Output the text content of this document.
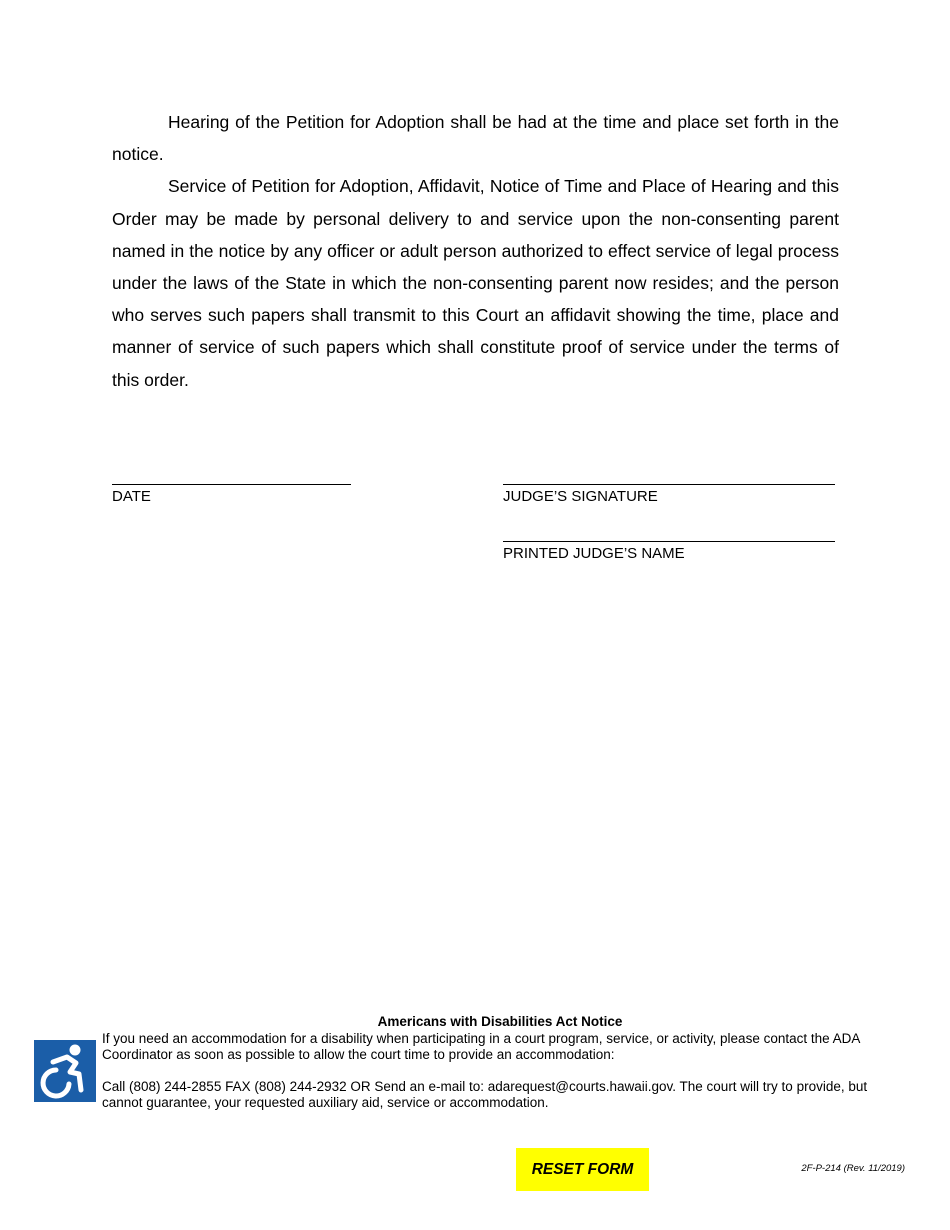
Hearing of the Petition for Adoption shall be had at the time and place set forth in the notice.

Service of Petition for Adoption, Affidavit, Notice of Time and Place of Hearing and this Order may be made by personal delivery to and service upon the non-consenting parent named in the notice by any officer or adult person authorized to effect service of legal process under the laws of the State in which the non-consenting parent now resides; and the person who serves such papers shall transmit to this Court an affidavit showing the time, place and manner of service of such papers which shall constitute proof of service under the terms of this order.

DATE	JUDGE’S SIGNATURE
PRINTED JUDGE’S NAME
Americans with Disabilities Act Notice

If you need an accommodation for a disability when participating in a court program, service, or activity, please contact the ADA Coordinator as soon as possible to allow the court time to provide an accommodation:

Call (808) 244-2855 FAX (808) 244-2932 OR Send an e-mail to: adarequest@courts.hawaii.gov. The court will try to provide, but cannot guarantee, your requested auxiliary aid, service or accommodation.

RESET FORM	2F-P-214 (Rev. 11/2019)
